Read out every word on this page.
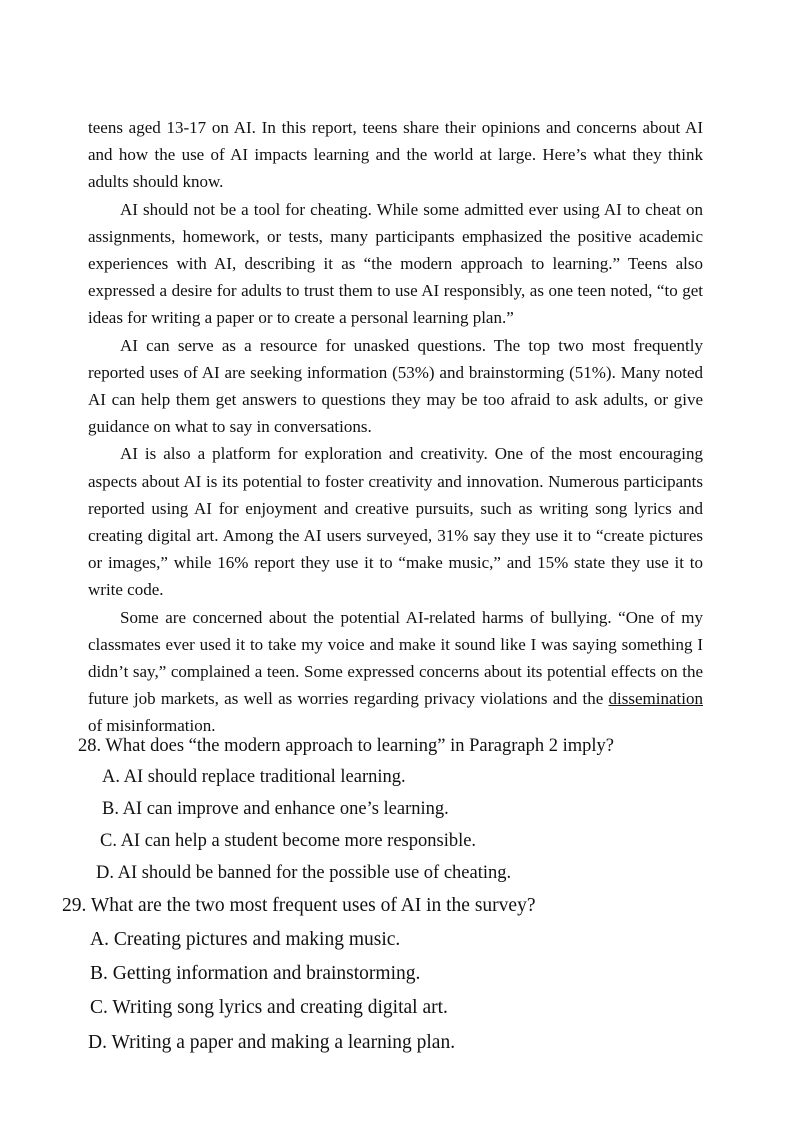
teens aged 13-17 on AI. In this report, teens share their opinions and concerns about AI and how the use of AI impacts learning and the world at large. Here’s what they think adults should know.

AI should not be a tool for cheating. While some admitted ever using AI to cheat on assignments, homework, or tests, many participants emphasized the positive academic experiences with AI, describing it as “the modern approach to learning.” Teens also expressed a desire for adults to trust them to use AI responsibly, as one teen noted, “to get ideas for writing a paper or to create a personal learning plan.”

AI can serve as a resource for unasked questions. The top two most frequently reported uses of AI are seeking information (53%) and brainstorming (51%). Many noted AI can help them get answers to questions they may be too afraid to ask adults, or give guidance on what to say in conversations.

AI is also a platform for exploration and creativity. One of the most encouraging aspects about AI is its potential to foster creativity and innovation. Numerous participants reported using AI for enjoyment and creative pursuits, such as writing song lyrics and creating digital art. Among the AI users surveyed, 31% say they use it to “create pictures or images,” while 16% report they use it to “make music,” and 15% state they use it to write code.

Some are concerned about the potential AI-related harms of bullying. “One of my classmates ever used it to take my voice and make it sound like I was saying something I didn’t say,” complained a teen. Some expressed concerns about its potential effects on the future job markets, as well as worries regarding privacy violations and the dissemination of misinformation.

28. What does “the modern approach to learning” in Paragraph 2 imply?
A. AI should replace traditional learning.
B. AI can improve and enhance one’s learning.
C. AI can help a student become more responsible.
D. AI should be banned for the possible use of cheating.
29. What are the two most frequent uses of AI in the survey?
A. Creating pictures and making music.
B. Getting information and brainstorming.
C. Writing song lyrics and creating digital art.
D. Writing a paper and making a learning plan.
